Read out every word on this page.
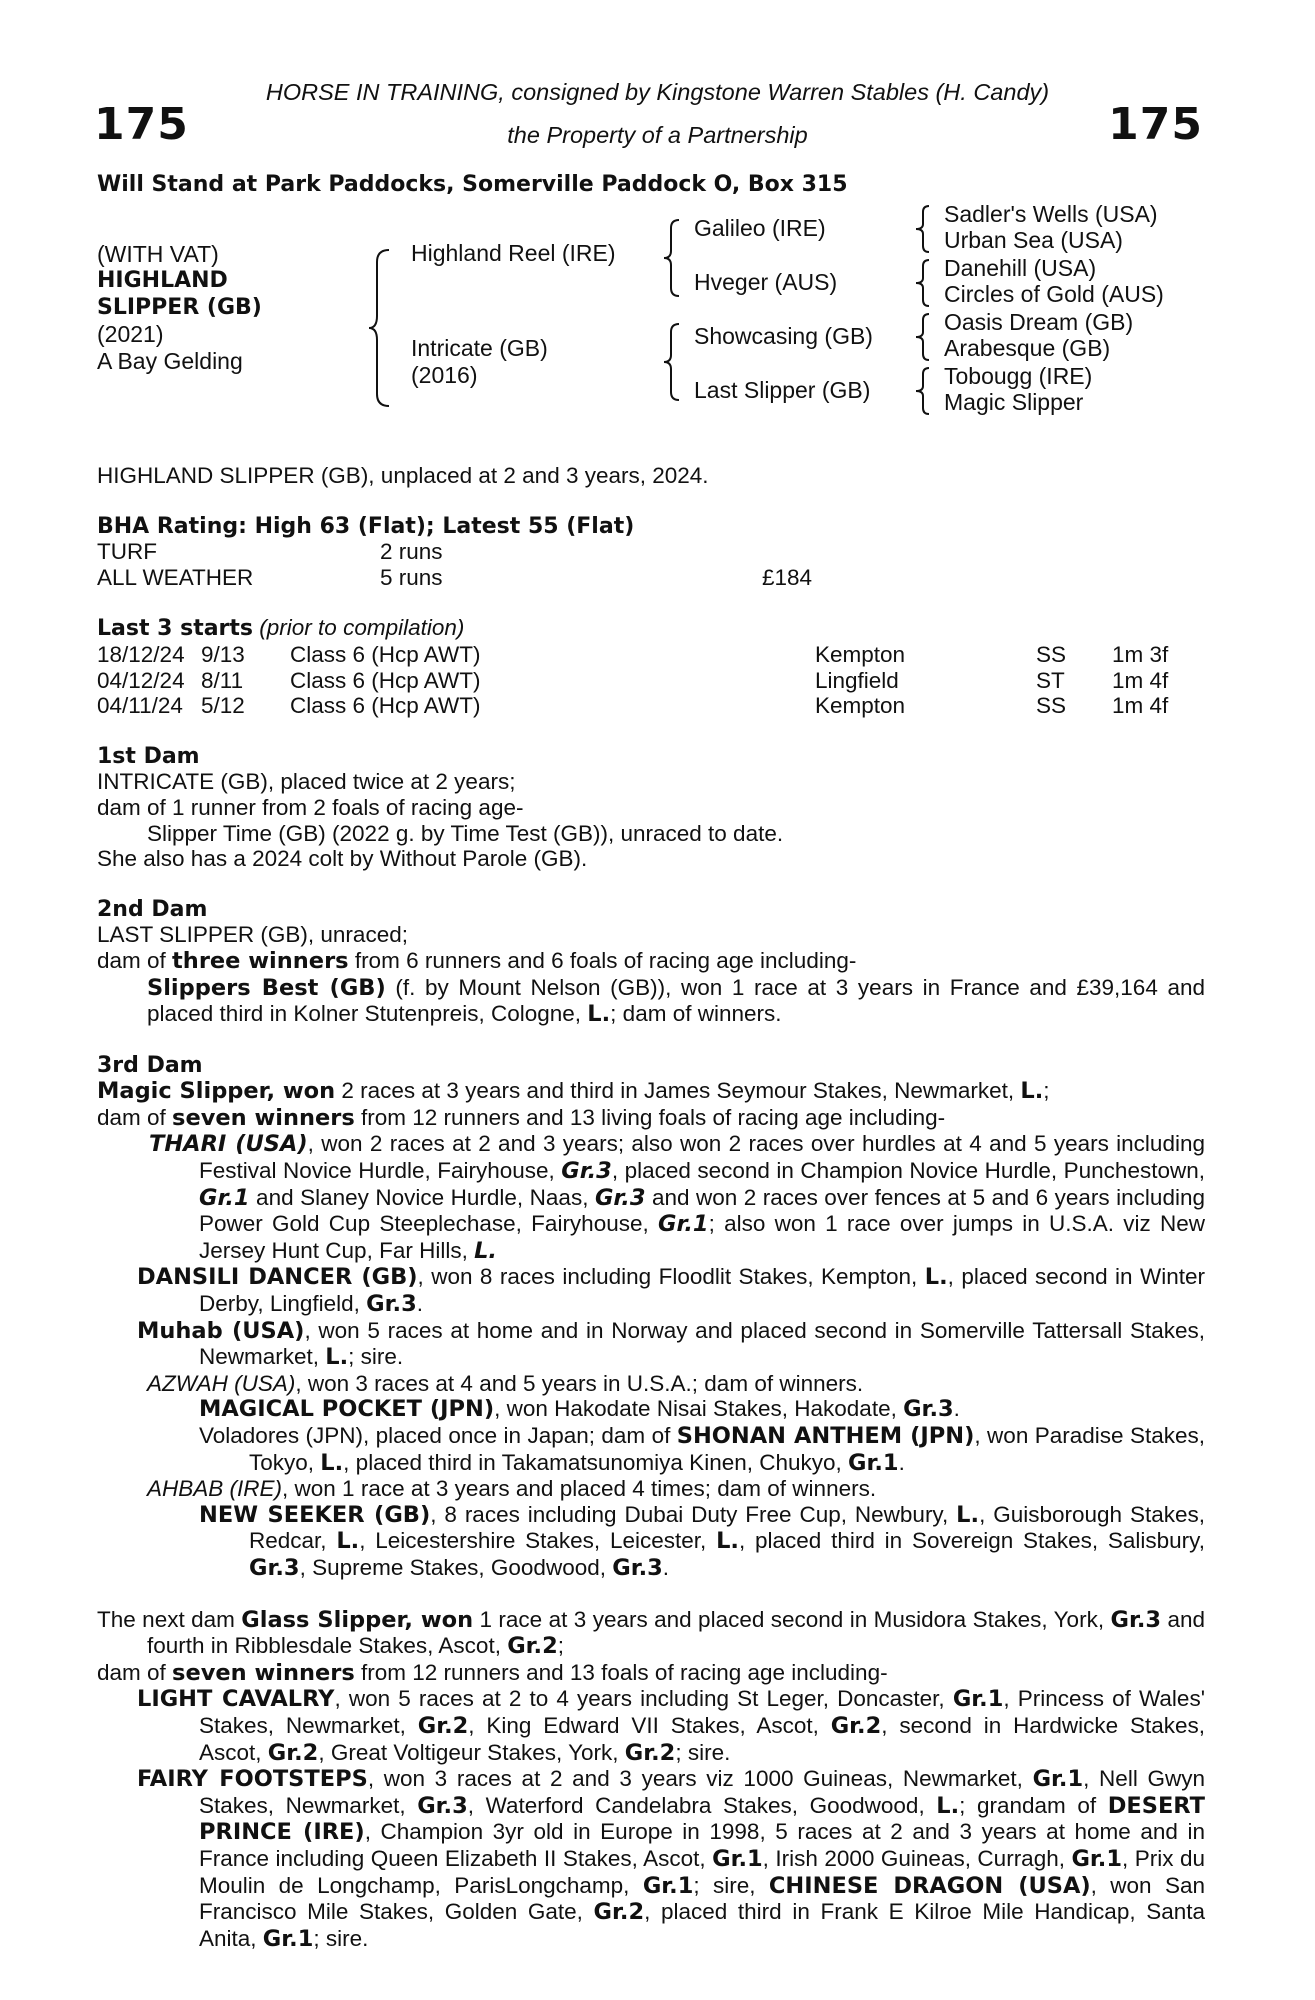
HORSE IN TRAINING, consigned by Kingstone Warren Stables (H. Candy)
the Property of a Partnership
175	175
Will Stand at Park Paddocks, Somerville Paddock O, Box 315
(WITH VAT)
HIGHLAND
SLIPPER (GB)
(2021)
A Bay Gelding
Highland Reel (IRE)
Intricate (GB)
(2016)
Galileo (IRE)
Hveger (AUS)
Showcasing (GB)
Last Slipper (GB)
Sadler's Wells (USA)
Urban Sea (USA)
Danehill (USA)
Circles of Gold (AUS)
Oasis Dream (GB)
Arabesque (GB)
Tobougg (IRE)
Magic Slipper

HIGHLAND SLIPPER (GB), unplaced at 2 and 3 years, 2024.

BHA Rating: High 63 (Flat); Latest 55 (Flat)

TURF	2 runs	
ALL WEATHER	5 runs	£184

Last 3 starts (prior to compilation)

18/12/24	9/13	Class 6 (Hcp AWT)	Kempton	SS	1m 3f
04/12/24	8/11	Class 6 (Hcp AWT)	Lingfield	ST	1m 4f
04/11/24	5/12	Class 6 (Hcp AWT)	Kempton	SS	1m 4f

1st Dam

INTRICATE (GB), placed twice at 2 years;

dam of 1 runner from 2 foals of racing age-

Slipper Time (GB) (2022 g. by Time Test (GB)), unraced to date.

She also has a 2024 colt by Without Parole (GB).

2nd Dam

LAST SLIPPER (GB), unraced;

dam of three winners from 6 runners and 6 foals of racing age including-

Slippers Best (GB) (f. by Mount Nelson (GB)), won 1 race at 3 years in France and £39,164 and placed third in Kolner Stutenpreis, Cologne, L.; dam of winners.

3rd Dam

Magic Slipper, won 2 races at 3 years and third in James Seymour Stakes, Newmarket, L.;

dam of seven winners from 12 runners and 13 living foals of racing age including-

THARI (USA), won 2 races at 2 and 3 years; also won 2 races over hurdles at 4 and 5 years including Festival Novice Hurdle, Fairyhouse, Gr.3, placed second in Champion Novice Hurdle, Punchestown, Gr.1 and Slaney Novice Hurdle, Naas, Gr.3 and won 2 races over fences at 5 and 6 years including Power Gold Cup Steeplechase, Fairyhouse, Gr.1; also won 1 race over jumps in U.S.A. viz New Jersey Hunt Cup, Far Hills, L.

DANSILI DANCER (GB), won 8 races including Floodlit Stakes, Kempton, L., placed second in Winter Derby, Lingfield, Gr.3.

Muhab (USA), won 5 races at home and in Norway and placed second in Somerville Tattersall Stakes, Newmarket, L.; sire.

AZWAH (USA), won 3 races at 4 and 5 years in U.S.A.; dam of winners.

MAGICAL POCKET (JPN), won Hakodate Nisai Stakes, Hakodate, Gr.3.

Voladores (JPN), placed once in Japan; dam of SHONAN ANTHEM (JPN), won Paradise Stakes, Tokyo, L., placed third in Takamatsunomiya Kinen, Chukyo, Gr.1.

AHBAB (IRE), won 1 race at 3 years and placed 4 times; dam of winners.

NEW SEEKER (GB), 8 races including Dubai Duty Free Cup, Newbury, L., Guisborough Stakes, Redcar, L., Leicestershire Stakes, Leicester, L., placed third in Sovereign Stakes, Salisbury, Gr.3, Supreme Stakes, Goodwood, Gr.3.

The next dam Glass Slipper, won 1 race at 3 years and placed second in Musidora Stakes, York, Gr.3 and fourth in Ribblesdale Stakes, Ascot, Gr.2;

dam of seven winners from 12 runners and 13 foals of racing age including-

LIGHT CAVALRY, won 5 races at 2 to 4 years including St Leger, Doncaster, Gr.1, Princess of Wales' Stakes, Newmarket, Gr.2, King Edward VII Stakes, Ascot, Gr.2, second in Hardwicke Stakes, Ascot, Gr.2, Great Voltigeur Stakes, York, Gr.2; sire.

FAIRY FOOTSTEPS, won 3 races at 2 and 3 years viz 1000 Guineas, Newmarket, Gr.1, Nell Gwyn Stakes, Newmarket, Gr.3, Waterford Candelabra Stakes, Goodwood, L.; grandam of DESERT PRINCE (IRE), Champion 3yr old in Europe in 1998, 5 races at 2 and 3 years at home and in France including Queen Elizabeth II Stakes, Ascot, Gr.1, Irish 2000 Guineas, Curragh, Gr.1, Prix du Moulin de Longchamp, ParisLongchamp, Gr.1; sire, CHINESE DRAGON (USA), won San Francisco Mile Stakes, Golden Gate, Gr.2, placed third in Frank E Kilroe Mile Handicap, Santa Anita, Gr.1; sire.
